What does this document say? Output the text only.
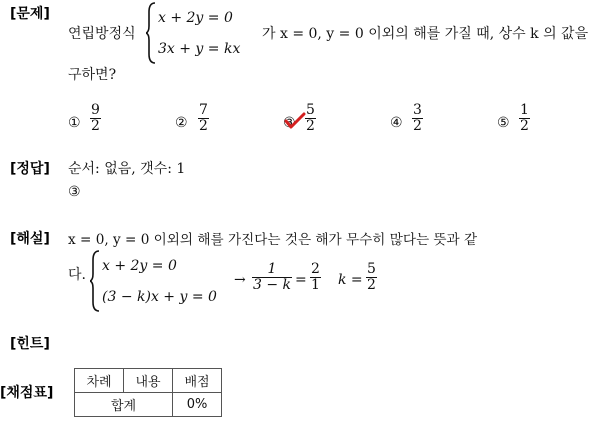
[문제]
[정답]
[해설]
[힌트]
[채점표]
연립방정식
x + 2y = 0
3x + y = kx
가 x = 0, y = 0 이외의 해를 가질 때, 상수 k 의 값을
구하면?
①
9
2	②
7
2	③
5
2	④
3
2	⑤
1
2
순서: 없음, 갯수: 1
③
x = 0, y = 0 이외의 해를 가진다는 것은 해가 무수히 많다는 뜻과 같
다.
x + 2y = 0
(3 − k)x + y = 0
→
1
3 − k =
2
1 k =
5
2
차례	내용	배점
합계		0%
